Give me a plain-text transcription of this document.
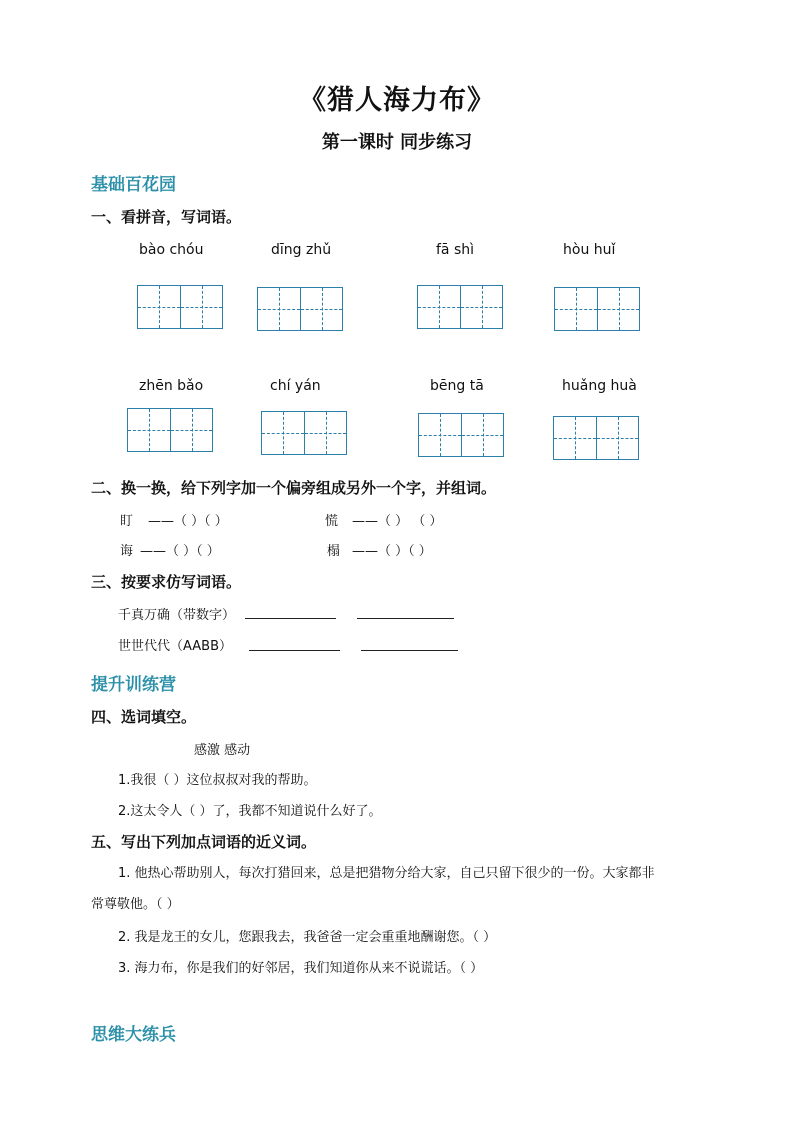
《猎人海力布》
第一课时 同步练习
基础百花园
一、看拼音，写词语。
bào chóu	dīng zhǔ	fā shì	hòu huǐ
zhēn bǎo	chí yán	bēng tā	huǎng huà
二、换一换，给下列字加一个偏旁组成另外一个字，并组词。
盯 ——（ ）（ ）	慌 ——（ ） （ ）
诲 ——（ ）（ ）	榻 ——（ ）（ ）
三、按要求仿写词语。
千真万确（带数字）
世世代代（AABB）
提升训练营
四、选词填空。
感激 感动
1.我很（ ）这位叔叔对我的帮助。
2.这太令人（ ）了，我都不知道说什么好了。
五、写出下列加点词语的近义词。
1. 他热心帮助别人，每次打猎回来，总是把猎物分给大家，自己只留下很少的一份。大家都非
常尊敬他。（ ）
2. 我是龙王的女儿，您跟我去，我爸爸一定会重重地酬谢您。（ ）
3. 海力布，你是我们的好邻居，我们知道你从来不说谎话。（ ）
思维大练兵
